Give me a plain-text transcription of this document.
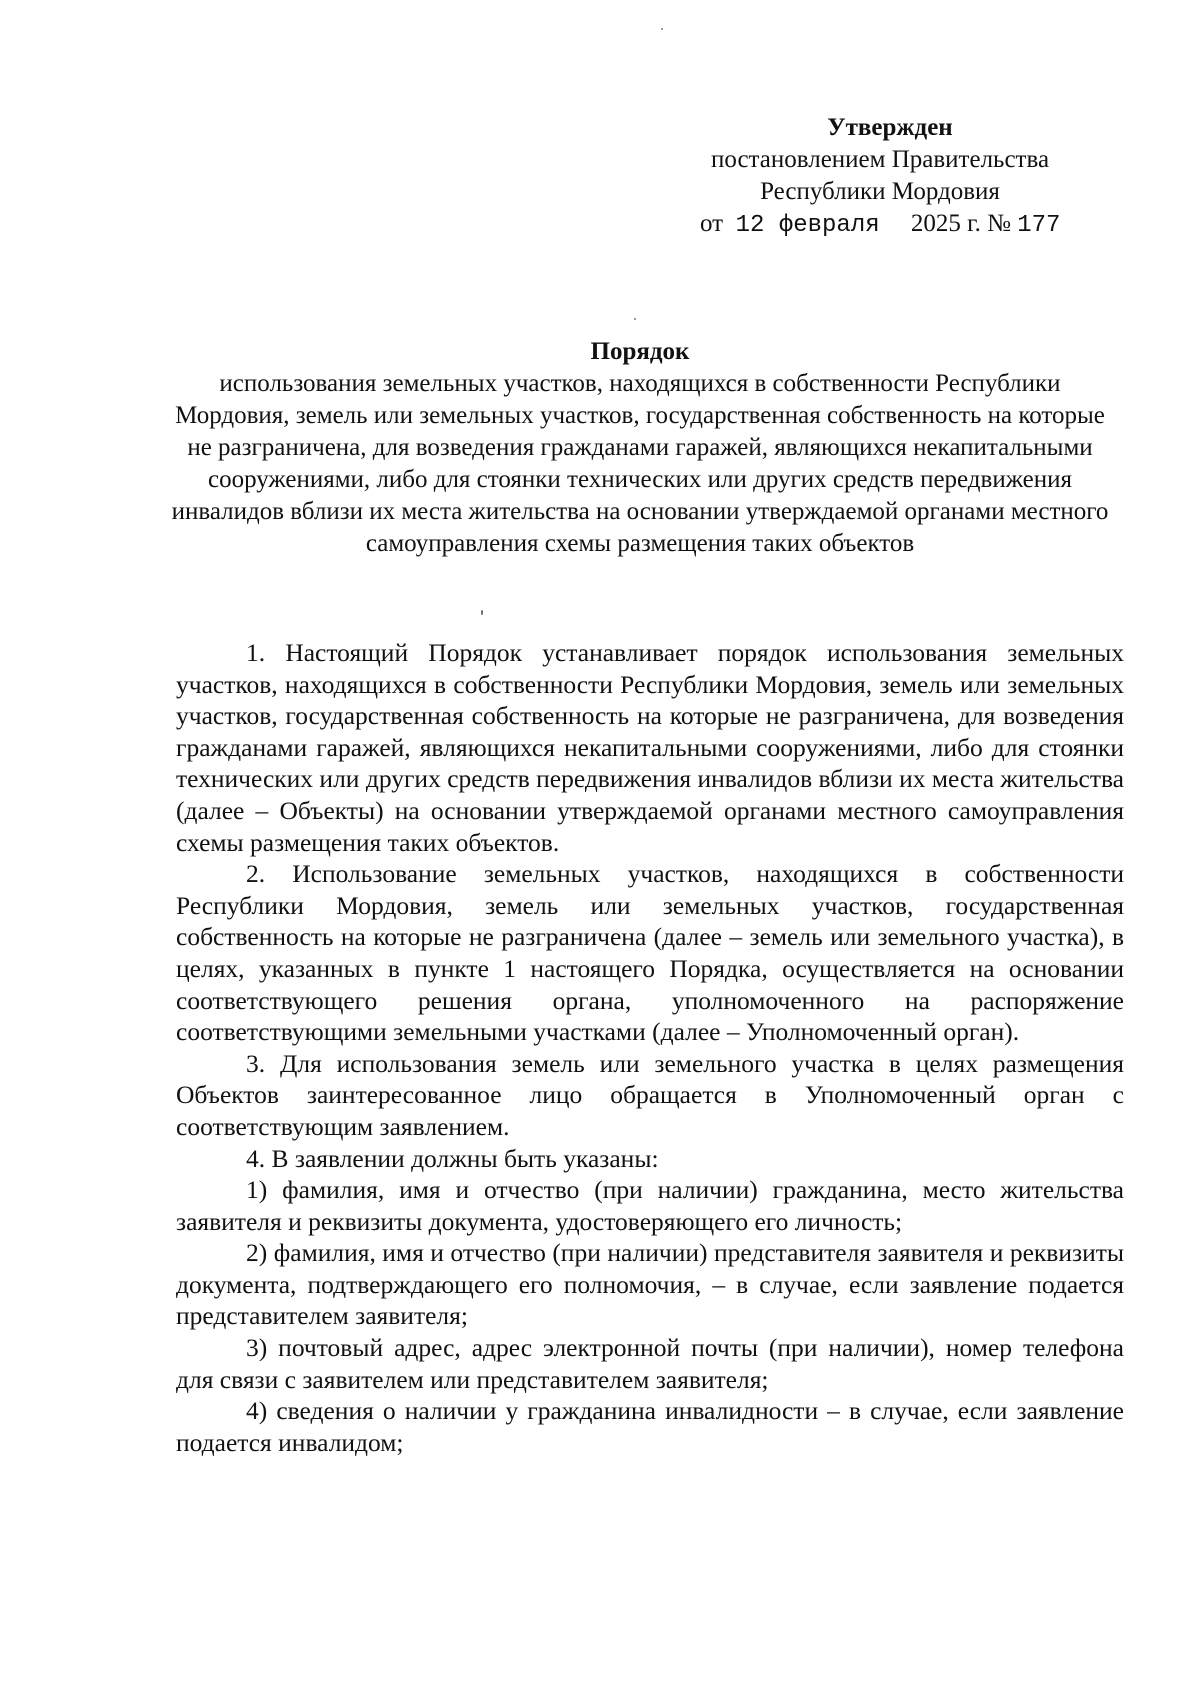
Утвержден
постановлением Правительства
Республики Мордовия
от 12 февраля 2025 г. № 177
Порядок
использования земельных участков, находящихся в собственности Республики Мордовия, земель или земельных участков, государственная собственность на которые не разграничена, для возведения гражданами гаражей, являющихся некапитальными сооружениями, либо для стоянки технических или других средств передвижения инвалидов вблизи их места жительства на основании утверждаемой органами местного самоуправления схемы размещения таких объектов

1. Настоящий Порядок устанавливает порядок использования земельных участков, находящихся в собственности Республики Мордовия, земель или земельных участков, государственная собственность на которые не разграничена, для возведения гражданами гаражей, являющихся некапитальными сооружениями, либо для стоянки технических или других средств передвижения инвалидов вблизи их места жительства (далее – Объекты) на основании утверждаемой органами местного самоуправления схемы размещения таких объектов.

2. Использование земельных участков, находящихся в собственности Республики Мордовия, земель или земельных участков, государственная собственность на которые не разграничена (далее – земель или земельного участка), в целях, указанных в пункте 1 настоящего Порядка, осуществляется на основании соответствующего решения органа, уполномоченного на распоряжение соответствующими земельными участками (далее – Уполномоченный орган).

3. Для использования земель или земельного участка в целях размещения Объектов заинтересованное лицо обращается в Уполномоченный орган с соответствующим заявлением.

4. В заявлении должны быть указаны:

1) фамилия, имя и отчество (при наличии) гражданина, место жительства заявителя и реквизиты документа, удостоверяющего его личность;

2) фамилия, имя и отчество (при наличии) представителя заявителя и реквизиты документа, подтверждающего его полномочия, – в случае, если заявление подается представителем заявителя;

3) почтовый адрес, адрес электронной почты (при наличии), номер телефона для связи с заявителем или представителем заявителя;

4) сведения о наличии у гражданина инвалидности – в случае, если заявление подается инвалидом;
